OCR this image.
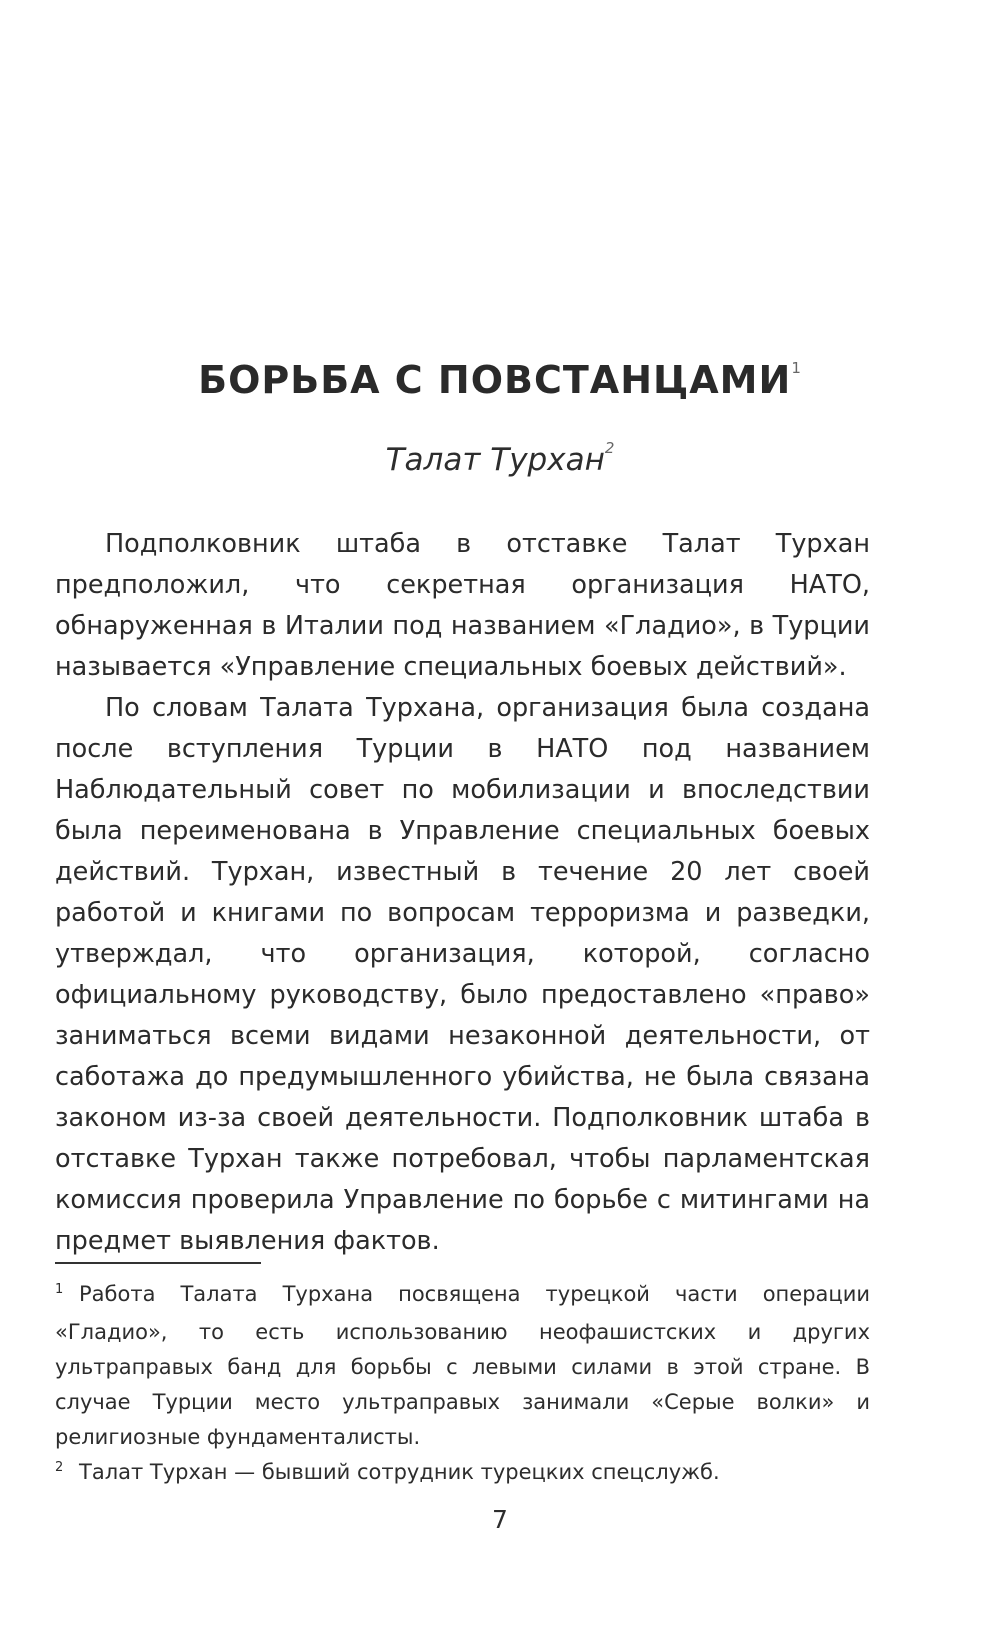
БОРЬБА С ПОВСТАНЦАМИ$^1$
Талат Турхан$^2$

Подполковник штаба в отставке Талат Турхан предположил, что секретная организация НАТО, обнаруженная в Италии под названием «Гладио», в Турции называется «Управление специальных боевых действий».

По словам Талата Турхана, организация была создана после вступления Турции в НАТО под названием Наблюдательный совет по мобилизации и впоследствии была переименована в Управление специальных боевых действий. Турхан, известный в течение 20 лет своей работой и книгами по вопросам терроризма и разведки, утверждал, что организация, которой, согласно официальному руководству, было предоставлено «право» заниматься всеми видами незаконной деятельности, от саботажа до предумышленного убийства, не была связана законом из-за своей деятельности. Подполковник штаба в отставке Турхан также потребовал, чтобы парламентская комиссия проверила Управление по борьбе с митингами на предмет выявления фактов.

1 Работа Талата Турхана посвящена турецкой части операции «Гладио», то есть использованию неофашистских и других ультраправых банд для борьбы с левыми силами в этой стране. В случае Турции место ультраправых занимали «Серые волки» и религиозные фундаменталисты.

2 Талат Турхан — бывший сотрудник турецких спецслужб.

7
